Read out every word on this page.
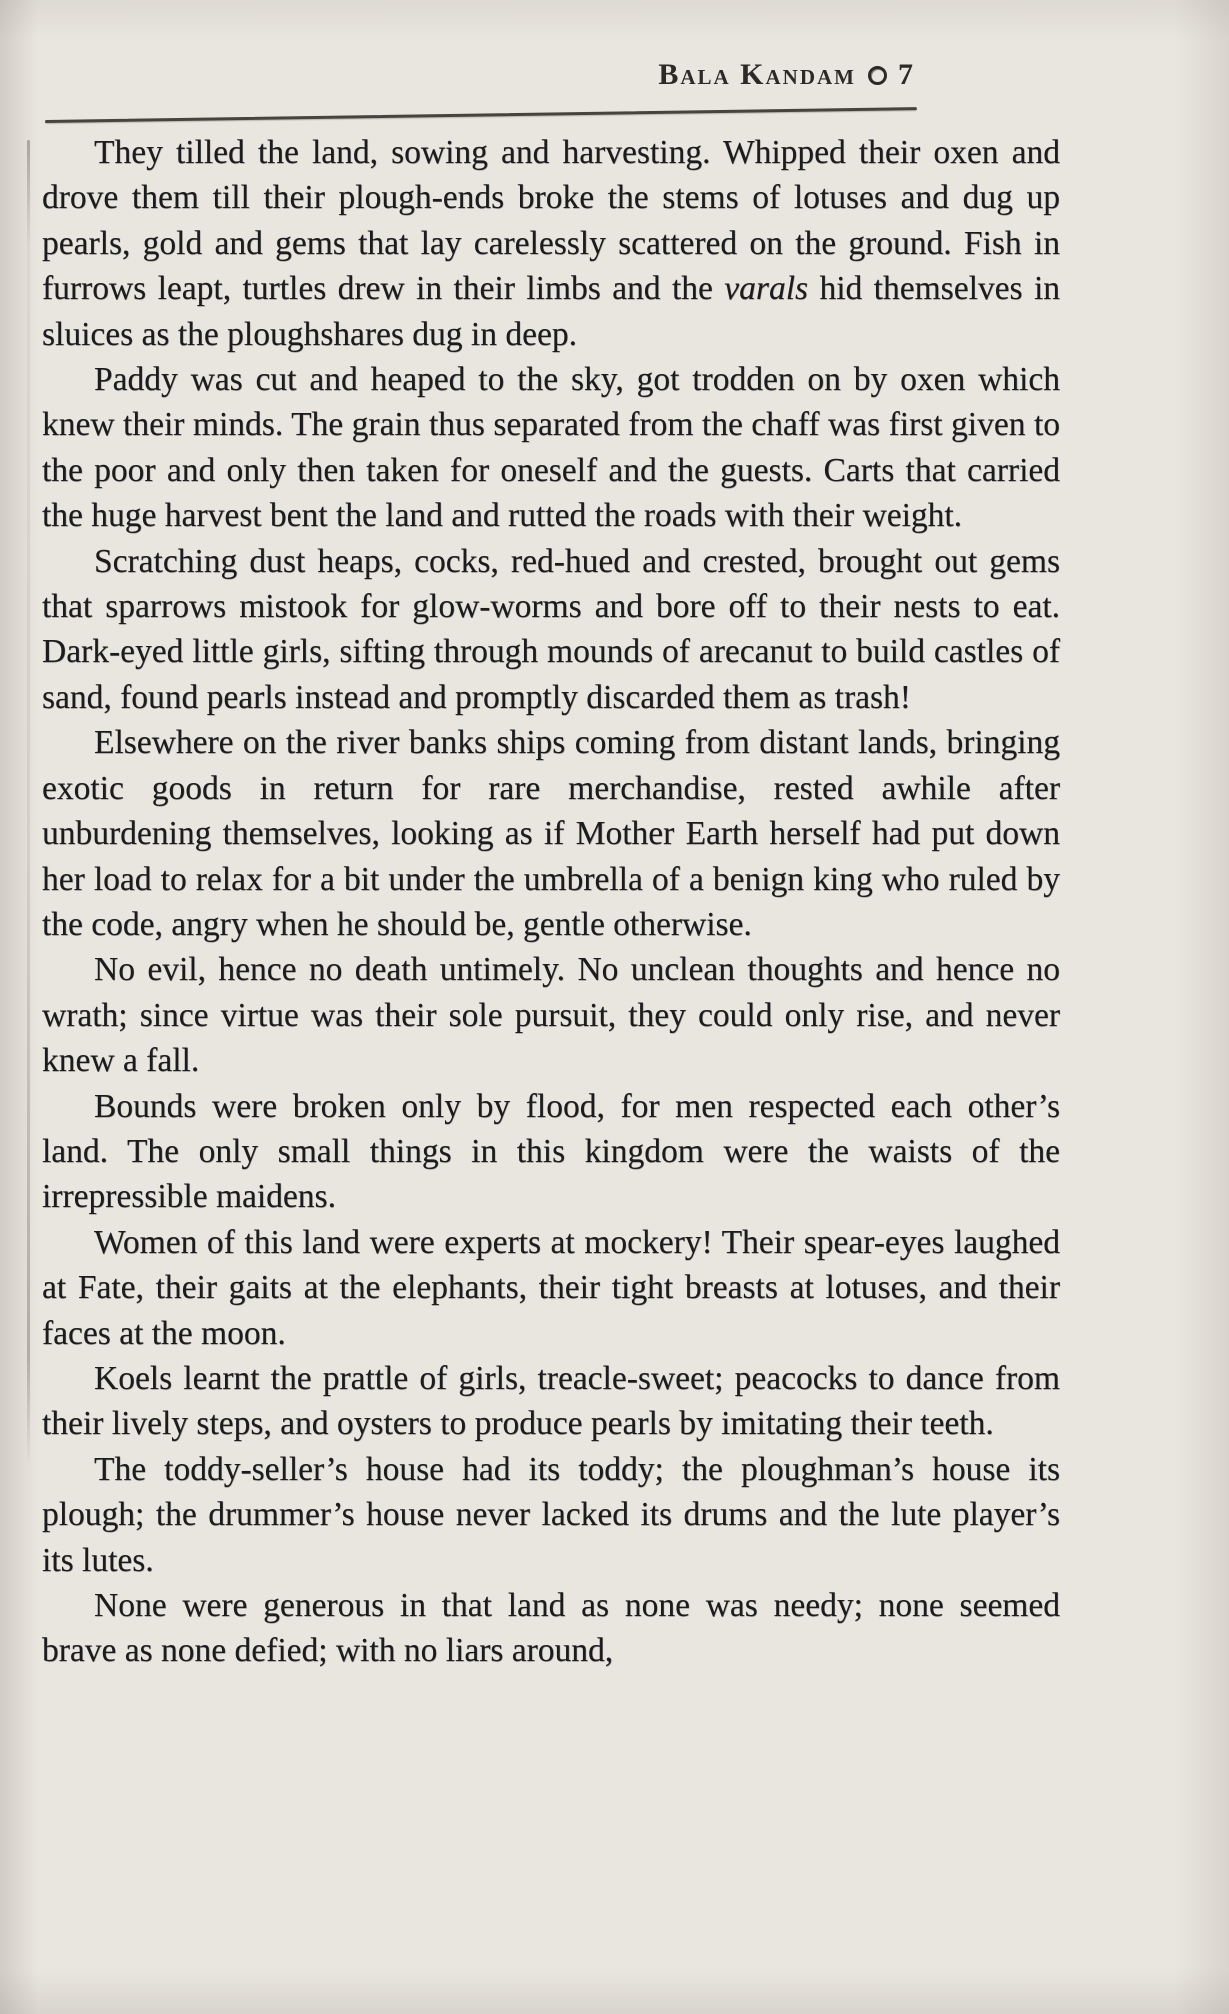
Bala Kandam 7

They tilled the land, sowing and harvesting. Whipped their oxen and drove them till their plough-ends broke the stems of lotuses and dug up pearls, gold and gems that lay carelessly scattered on the ground. Fish in furrows leapt, turtles drew in their limbs and the varals hid themselves in sluices as the ploughshares dug in deep.

Paddy was cut and heaped to the sky, got trodden on by oxen which knew their minds. The grain thus separated from the chaff was first given to the poor and only then taken for oneself and the guests. Carts that carried the huge harvest bent the land and rutted the roads with their weight.

Scratching dust heaps, cocks, red-hued and crested, brought out gems that sparrows mistook for glow-worms and bore off to their nests to eat. Dark-eyed little girls, sifting through mounds of arecanut to build castles of sand, found pearls instead and promptly discarded them as trash!

Elsewhere on the river banks ships coming from distant lands, bringing exotic goods in return for rare merchandise, rested awhile after unburdening themselves, looking as if Mother Earth herself had put down her load to relax for a bit under the umbrella of a benign king who ruled by the code, angry when he should be, gentle otherwise.

No evil, hence no death untimely. No unclean thoughts and hence no wrath; since virtue was their sole pursuit, they could only rise, and never knew a fall.

Bounds were broken only by flood, for men respected each other’s land. The only small things in this kingdom were the waists of the irrepressible maidens.

Women of this land were experts at mockery! Their spear-eyes laughed at Fate, their gaits at the elephants, their tight breasts at lotuses, and their faces at the moon.

Koels learnt the prattle of girls, treacle-sweet; peacocks to dance from their lively steps, and oysters to produce pearls by imitating their teeth.

The toddy-seller’s house had its toddy; the ploughman’s house its plough; the drummer’s house never lacked its drums and the lute player’s its lutes.

None were generous in that land as none was needy; none seemed brave as none defied; with no liars around,
